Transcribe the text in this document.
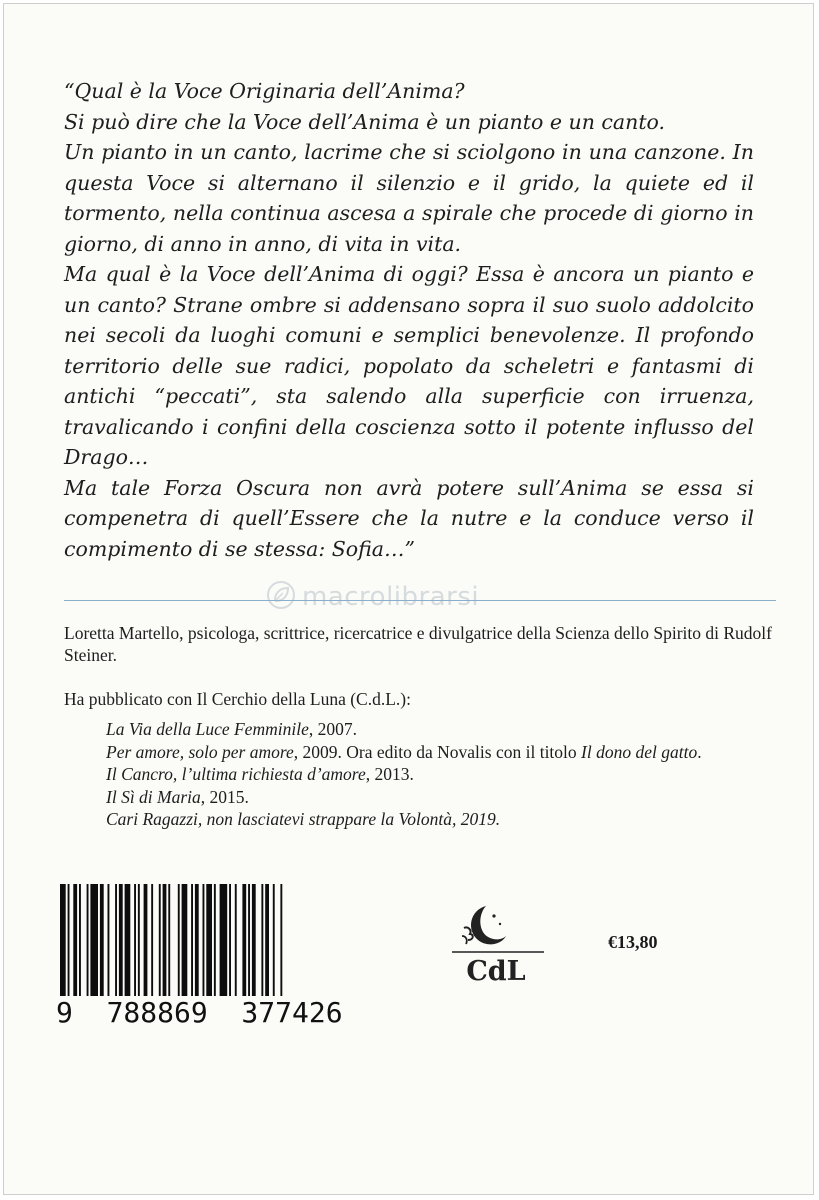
“Qual è la Voce Originaria dell’Anima?

Si può dire che la Voce dell’Anima è un pianto e un canto.

Un pianto in un canto, lacrime che si sciolgono in una canzone. In questa Voce si alternano il silenzio e il grido, la quiete ed il tormento, nella continua ascesa a spirale che procede di giorno in giorno, di anno in anno, di vita in vita.

Ma qual è la Voce dell’Anima di oggi? Essa è ancora un pianto e un canto? Strane ombre si addensano sopra il suo suolo addolcito nei secoli da luoghi comuni e semplici benevolenze. Il profondo territorio delle sue radici, popolato da scheletri e fantasmi di antichi “peccati”, sta salendo alla superficie con irruenza, travalicando i confini della coscienza sotto il potente influsso del Drago…

Ma tale Forza Oscura non avrà potere sull’Anima se essa si compenetra di quell’Essere che la nutre e la conduce verso il compimento di se stessa: Sofia…”

macrolibrarsi

Loretta Martello, psicologa, scrittrice, ricercatrice e divulgatrice della Scienza dello Spirito di Rudolf Steiner.

Ha pubblicato con Il Cerchio della Luna (C.d.L.):

La Via della Luce Femminile, 2007.
Per amore, solo per amore, 2009. Ora edito da Novalis con il titolo Il dono del gatto.
Il Cancro, l’ultima richiesta d’amore, 2013.
Il Sì di Maria, 2015.
Cari Ragazzi, non lasciatevi strappare la Volontà, 2019.
9  788869  377426
CdL
€13,80
